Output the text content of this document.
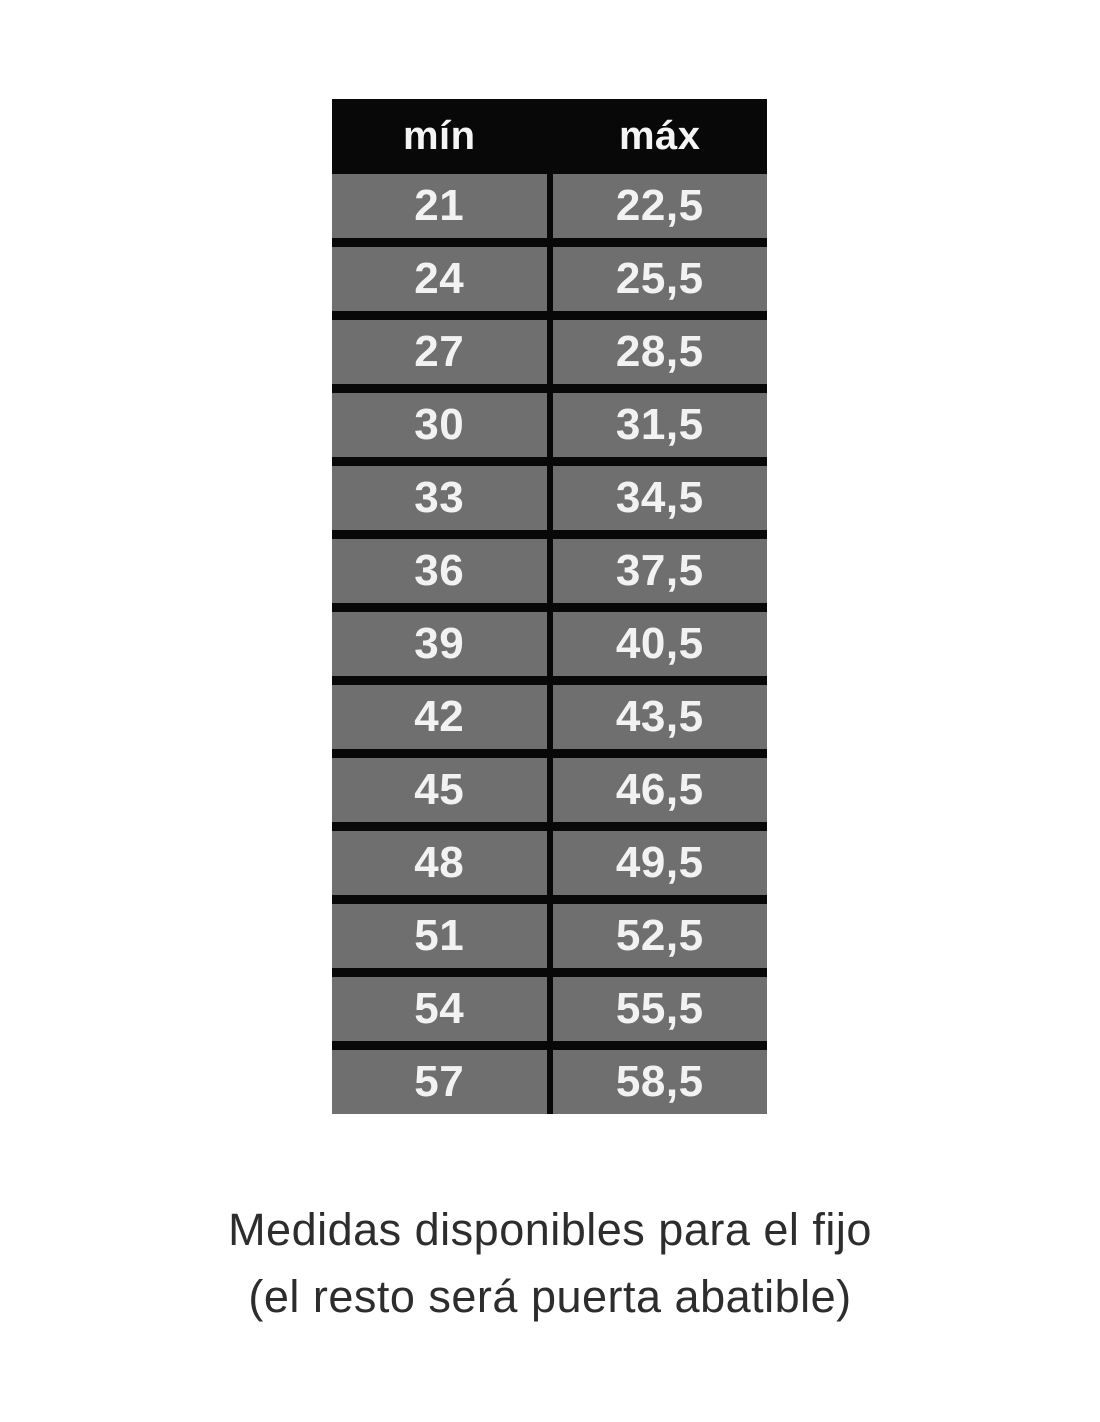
mín	máx
21	22,5
24	25,5
27	28,5
30	31,5
33	34,5
36	37,5
39	40,5
42	43,5
45	46,5
48	49,5
51	52,5
54	55,5
57	58,5
Medidas disponibles para el fijo
(el resto será puerta abatible)
